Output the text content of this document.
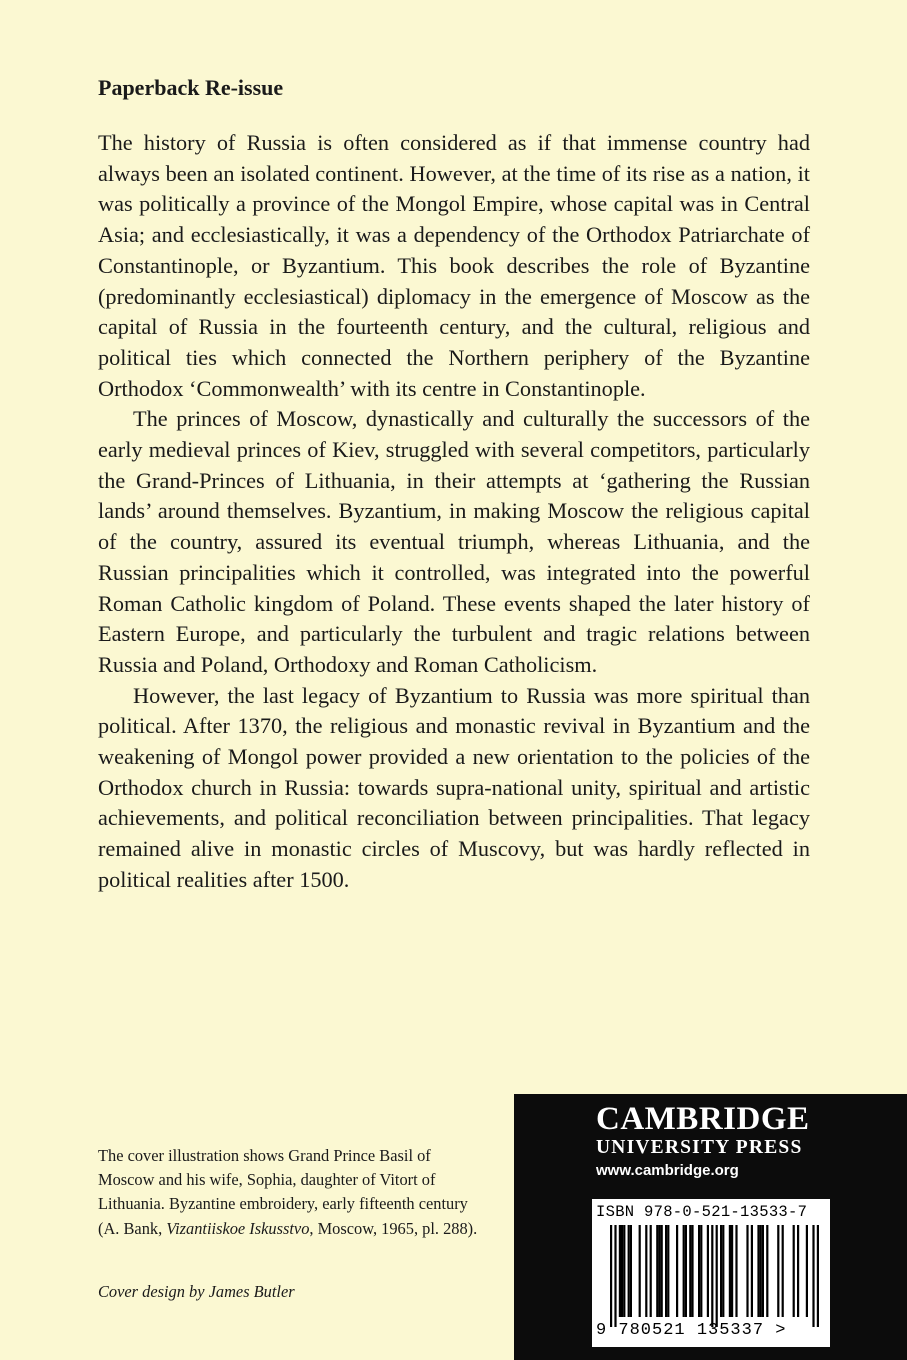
Paperback Re-issue

The history of Russia is often considered as if that immense country had always been an isolated continent. However, at the time of its rise as a nation, it was politically a province of the Mongol Empire, whose capital was in Central Asia; and ecclesiastically, it was a dependency of the Orthodox Patriarchate of Constantinople, or Byzantium. This book describes the role of Byzantine (predominantly ecclesiastical) diplomacy in the emergence of Moscow as the capital of Russia in the fourteenth century, and the cultural, religious and political ties which connected the Northern periphery of the Byzantine Orthodox ‘Commonwealth’ with its centre in Constantinople.

The princes of Moscow, dynastically and culturally the successors of the early medieval princes of Kiev, struggled with several competitors, particularly the Grand-Princes of Lithuania, in their attempts at ‘gathering the Russian lands’ around themselves. Byzantium, in making Moscow the religious capital of the country, assured its eventual triumph, whereas Lithuania, and the Russian principalities which it controlled, was integrated into the powerful Roman Catholic kingdom of Poland. These events shaped the later history of Eastern Europe, and particularly the turbulent and tragic relations between Russia and Poland, Orthodoxy and Roman Catholicism.

However, the last legacy of Byzantium to Russia was more spiritual than political. After 1370, the religious and monastic revival in Byzantium and the weakening of Mongol power provided a new orientation to the policies of the Orthodox church in Russia: towards supra-national unity, spiritual and artistic achievements, and political reconciliation between principalities. That legacy remained alive in monastic circles of Muscovy, but was hardly reflected in political realities after 1500.

The cover illustration shows Grand Prince Basil of Moscow and his wife, Sophia, daughter of Vitort of Lithuania. Byzantine embroidery, early fifteenth century (A. Bank, Vizantiiskoe Iskusstvo, Moscow, 1965, pl. 288).
Cover design by James Butler
CAMBRIDGE
UNIVERSITY PRESS
www.cambridge.org
ISBN 978-0-521-13533-7
9 780521 135337 >
